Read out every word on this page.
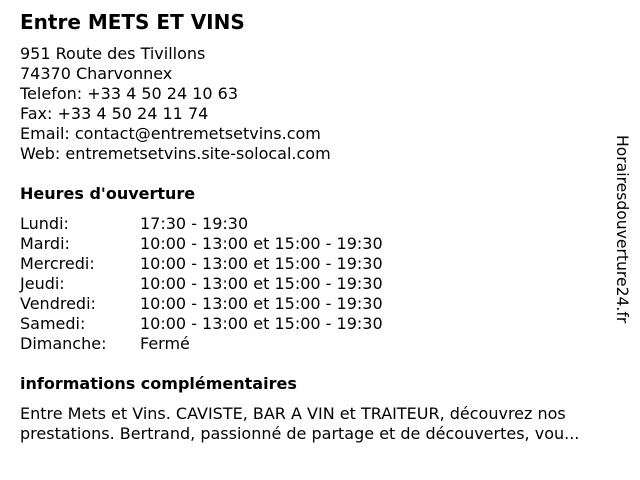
Entre METS ET VINS
951 Route des Tivillons
74370 Charvonnex
Telefon: +33 4 50 24 10 63
Fax: +33 4 50 24 11 74
Email: contact@entremetsetvins.com
Web: entremetsetvins.site-solocal.com
Heures d'ouverture
Lundi:	17:30 - 19:30
Mardi:	10:00 - 13:00 et 15:00 - 19:30
Mercredi:	10:00 - 13:00 et 15:00 - 19:30
Jeudi:	10:00 - 13:00 et 15:00 - 19:30
Vendredi:	10:00 - 13:00 et 15:00 - 19:30
Samedi:	10:00 - 13:00 et 15:00 - 19:30
Dimanche:	Fermé
informations complémentaires
Entre Mets et Vins. CAVISTE, BAR A VIN et TRAITEUR, découvrez nos
prestations. Bertrand, passionné de partage et de découvertes, vou...
Horairesdouverture24.fr
